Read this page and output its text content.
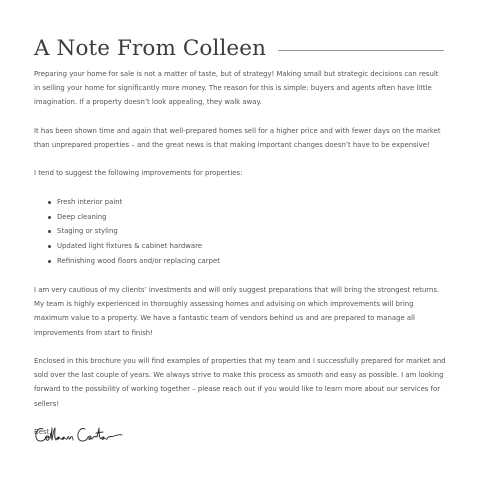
A Note From Colleen

Preparing your home for sale is not a matter of taste, but of strategy! Making small but strategic decisions can result in selling your home for significantly more money. The reason for this is simple: buyers and agents often have little imagination. If a property doesn’t look appealing, they walk away.

It has been shown time and again that well-prepared homes sell for a higher price and with fewer days on the market than unprepared properties – and the great news is that making important changes doesn’t have to be expensive!

I tend to suggest the following improvements for properties:

Fresh interior paint
Deep cleaning
Staging or styling
Updated light fixtures & cabinet hardware
Refinishing wood floors and/or replacing carpet

I am very cautious of my clients’ investments and will only suggest preparations that will bring the strongest returns. My team is highly experienced in thoroughly assessing homes and advising on which improvements will bring maximum value to a property. We have a fantastic team of vendors behind us and are prepared to manage all improvements from start to finish!

Enclosed in this brochure you will find examples of properties that my team and I successfully prepared for market and sold over the last couple of years. We always strive to make this process as smooth and easy as possible. I am looking forward to the possibility of working together – please reach out if you would like to learn more about our services for sellers!

Best,
